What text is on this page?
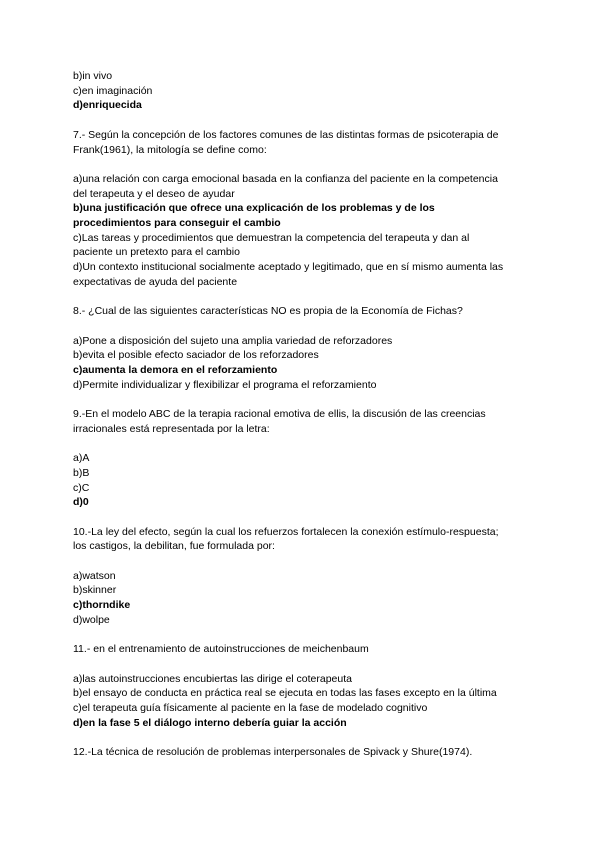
b)in vivo
c)en imaginación
d)enriquecida
7.- Según la concepción de los factores comunes de las distintas formas de psicoterapia de
Frank(1961), la mitología se define como:
a)una relación con carga emocional basada en la confianza del paciente en la competencia
del terapeuta y el deseo de ayudar
b)una justificación que ofrece una explicación de los problemas y de los
procedimientos para conseguir el cambio
c)Las tareas y procedimientos que demuestran la competencia del terapeuta y dan al
paciente un pretexto para el cambio
d)Un contexto institucional socialmente aceptado y legitimado, que en sí mismo aumenta las
expectativas de ayuda del paciente
8.- ¿Cual de las siguientes características NO es propia de la Economía de Fichas?
a)Pone a disposición del sujeto una amplia variedad de reforzadores
b)evita el posible efecto saciador de los reforzadores
c)aumenta la demora en el reforzamiento
d)Permite individualizar y flexibilizar el programa el reforzamiento
9.-En el modelo ABC de la terapia racional emotiva de ellis, la discusión de las creencias
irracionales está representada por la letra:
a)A
b)B
c)C
d)0
10.-La ley del efecto, según la cual los refuerzos fortalecen la conexión estímulo-respuesta;
los castigos, la debilitan, fue formulada por:
a)watson
b)skinner
c)thorndike
d)wolpe
11.- en el entrenamiento de autoinstrucciones de meichenbaum
a)las autoinstrucciones encubiertas las dirige el coterapeuta
b)el ensayo de conducta en práctica real se ejecuta en todas las fases excepto en la última
c)el terapeuta guía físicamente al paciente en la fase de modelado cognitivo
d)en la fase 5 el diálogo interno debería guiar la acción
12.-La técnica de resolución de problemas interpersonales de Spivack y Shure(1974).
